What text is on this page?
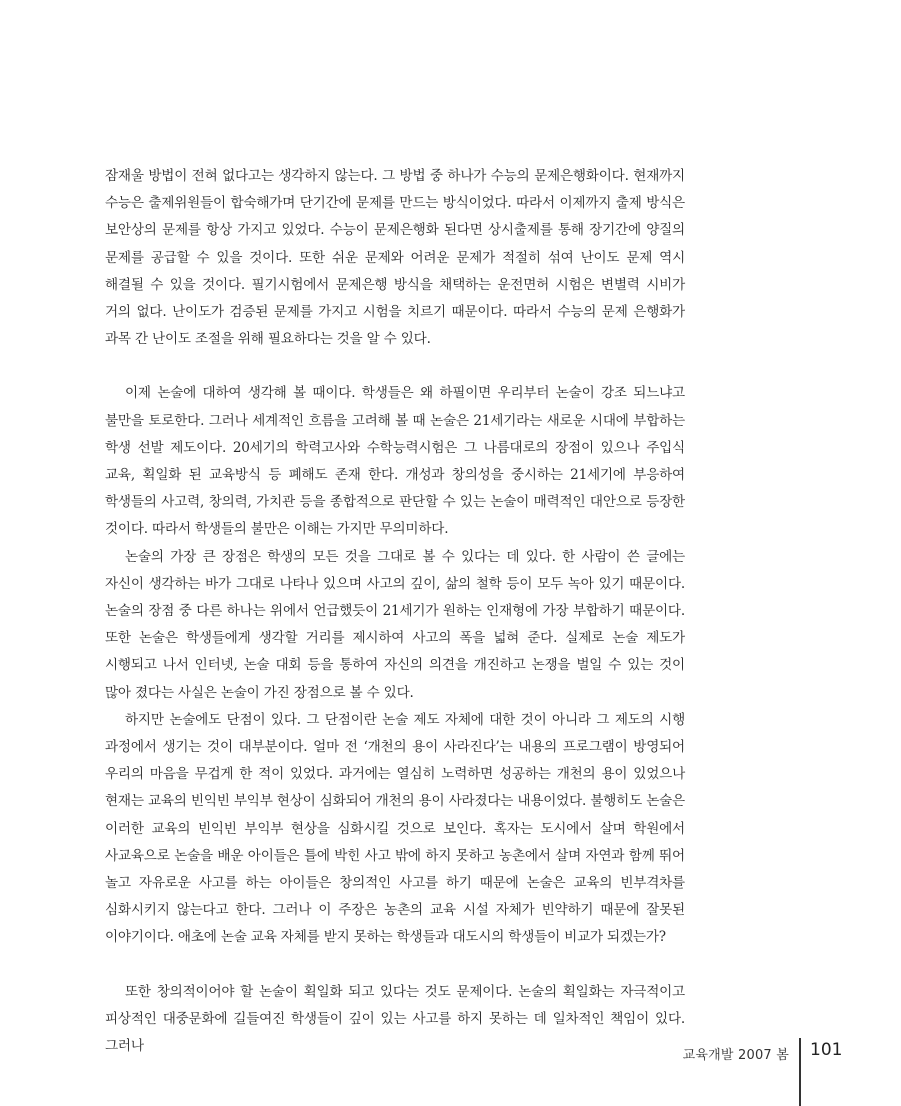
잠재울 방법이 전혀 없다고는 생각하지 않는다. 그 방법 중 하나가 수능의 문제은행화이다. 현재까지 수능은 출제위원들이 합숙해가며 단기간에 문제를 만드는 방식이었다. 따라서 이제까지 출제 방식은 보안상의 문제를 항상 가지고 있었다. 수능이 문제은행화 된다면 상시출제를 통해 장기간에 양질의 문제를 공급할 수 있을 것이다. 또한 쉬운 문제와 어려운 문제가 적절히 섞여 난이도 문제 역시 해결될 수 있을 것이다. 필기시험에서 문제은행 방식을 채택하는 운전면허 시험은 변별력 시비가 거의 없다. 난이도가 검증된 문제를 가지고 시험을 치르기 때문이다. 따라서 수능의 문제 은행화가 과목 간 난이도 조절을 위해 필요하다는 것을 알 수 있다.

이제 논술에 대하여 생각해 볼 때이다. 학생들은 왜 하필이면 우리부터 논술이 강조 되느냐고 불만을 토로한다. 그러나 세계적인 흐름을 고려해 볼 때 논술은 21세기라는 새로운 시대에 부합하는 학생 선발 제도이다. 20세기의 학력고사와 수학능력시험은 그 나름대로의 장점이 있으나 주입식 교육, 획일화 된 교육방식 등 폐해도 존재 한다. 개성과 창의성을 중시하는 21세기에 부응하여 학생들의 사고력, 창의력, 가치관 등을 종합적으로 판단할 수 있는 논술이 매력적인 대안으로 등장한 것이다. 따라서 학생들의 불만은 이해는 가지만 무의미하다.

논술의 가장 큰 장점은 학생의 모든 것을 그대로 볼 수 있다는 데 있다. 한 사람이 쓴 글에는 자신이 생각하는 바가 그대로 나타나 있으며 사고의 깊이, 삶의 철학 등이 모두 녹아 있기 때문이다. 논술의 장점 중 다른 하나는 위에서 언급했듯이 21세기가 원하는 인재형에 가장 부합하기 때문이다. 또한 논술은 학생들에게 생각할 거리를 제시하여 사고의 폭을 넓혀 준다. 실제로 논술 제도가 시행되고 나서 인터넷, 논술 대회 등을 통하여 자신의 의견을 개진하고 논쟁을 벌일 수 있는 것이 많아 졌다는 사실은 논술이 가진 장점으로 볼 수 있다.

하지만 논술에도 단점이 있다. 그 단점이란 논술 제도 자체에 대한 것이 아니라 그 제도의 시행 과정에서 생기는 것이 대부분이다. 얼마 전 ‘개천의 용이 사라진다’는 내용의 프로그램이 방영되어 우리의 마음을 무겁게 한 적이 있었다. 과거에는 열심히 노력하면 성공하는 개천의 용이 있었으나 현재는 교육의 빈익빈 부익부 현상이 심화되어 개천의 용이 사라졌다는 내용이었다. 불행히도 논술은 이러한 교육의 빈익빈 부익부 현상을 심화시킬 것으로 보인다. 혹자는 도시에서 살며 학원에서 사교육으로 논술을 배운 아이들은 틀에 박힌 사고 밖에 하지 못하고 농촌에서 살며 자연과 함께 뛰어 놀고 자유로운 사고를 하는 아이들은 창의적인 사고를 하기 때문에 논술은 교육의 빈부격차를 심화시키지 않는다고 한다. 그러나 이 주장은 농촌의 교육 시설 자체가 빈약하기 때문에 잘못된 이야기이다. 애초에 논술 교육 자체를 받지 못하는 학생들과 대도시의 학생들이 비교가 되겠는가?

또한 창의적이어야 할 논술이 획일화 되고 있다는 것도 문제이다. 논술의 획일화는 자극적이고 피상적인 대중문화에 길들여진 학생들이 깊이 있는 사고를 하지 못하는 데 일차적인 책임이 있다. 그러나

교육개발 2007 봄 101
